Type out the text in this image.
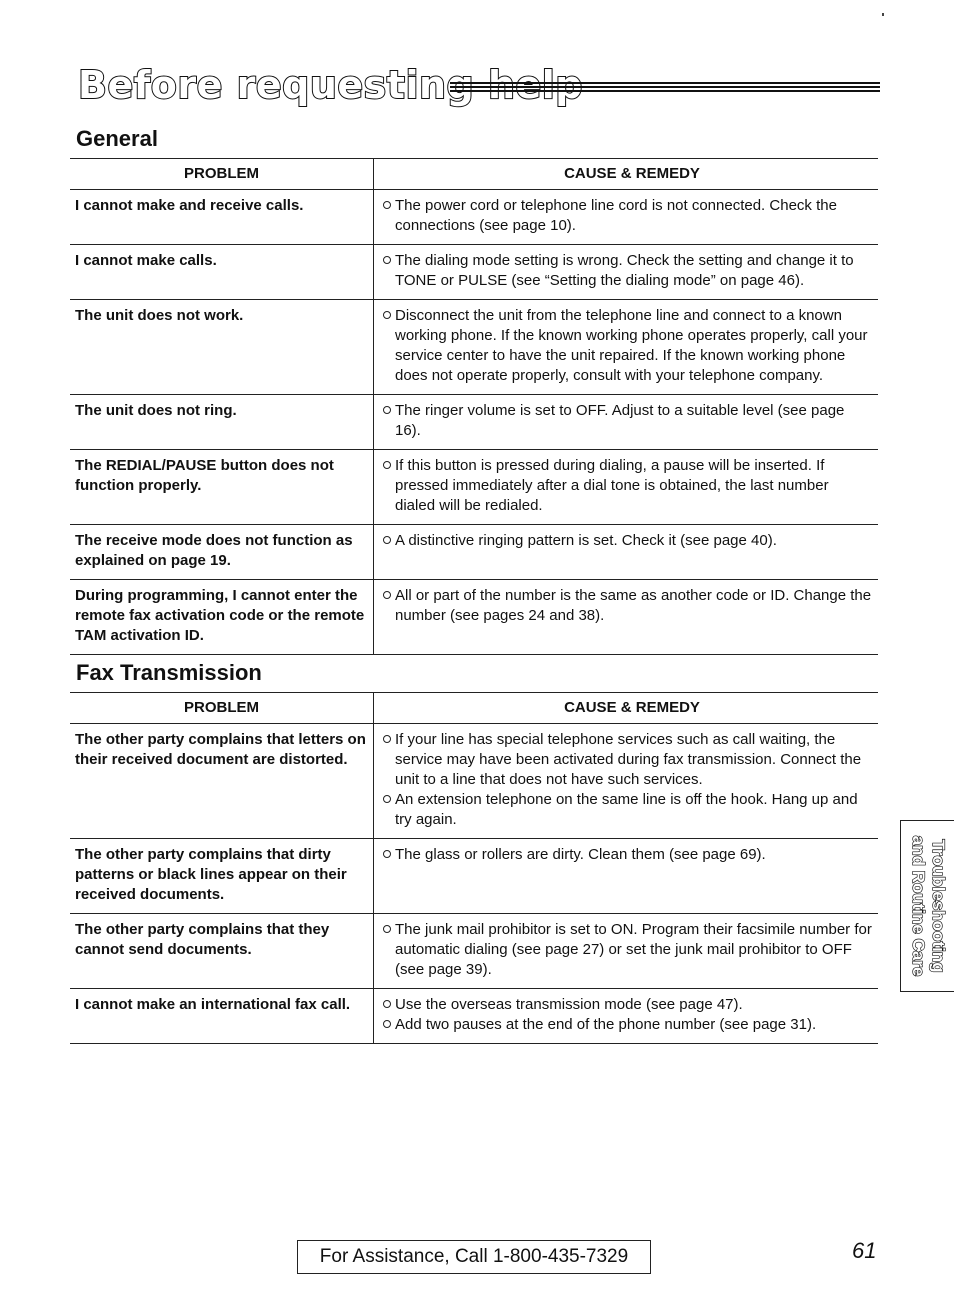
Before requesting help
General
PROBLEM	CAUSE & REMEDY
I cannot make and receive calls.	The power cord or telephone line cord is not connected. Check the connections (see page 10).

I cannot make calls.	The dialing mode setting is wrong. Check the setting and change it to TONE or PULSE (see “Setting the dialing mode” on page 46).

The unit does not work.	Disconnect the unit from the telephone line and connect to a known working phone. If the known working phone operates properly, call your service center to have the unit repaired. If the known working phone does not operate properly, consult with your telephone company.

The unit does not ring.	The ringer volume is set to OFF. Adjust to a suitable level (see page 16).

The REDIAL/PAUSE button does not function properly.	If this button is pressed during dialing, a pause will be inserted. If pressed immediately after a dial tone is obtained, the last number dialed will be redialed.

The receive mode does not function as explained on page 19.	A distinctive ringing pattern is set. Check it (see page 40).

During programming, I cannot enter the remote fax activation code or the remote TAM activation ID.	All or part of the number is the same as another code or ID. Change the number (see pages 24 and 38).
Fax Transmission
PROBLEM	CAUSE & REMEDY
The other party complains that letters on their received document are distorted.	If your line has special telephone services such as call waiting, the service may have been activated during fax transmission. Connect the unit to a line that does not have such services.
An extension telephone on the same line is off the hook. Hang up and try again.

The other party complains that dirty patterns or black lines appear on their received documents.	The glass or rollers are dirty. Clean them (see page 69).

The other party complains that they cannot send documents.	The junk mail prohibitor is set to ON. Program their facsimile number for automatic dialing (see page 27) or set the junk mail prohibitor to OFF (see page 39).

I cannot make an international fax call.	Use the overseas transmission mode (see page 47).
Add two pauses at the end of the phone number (see page 31).
Troubleshooting
and Routine Care
For Assistance, Call 1-800-435-7329	61
